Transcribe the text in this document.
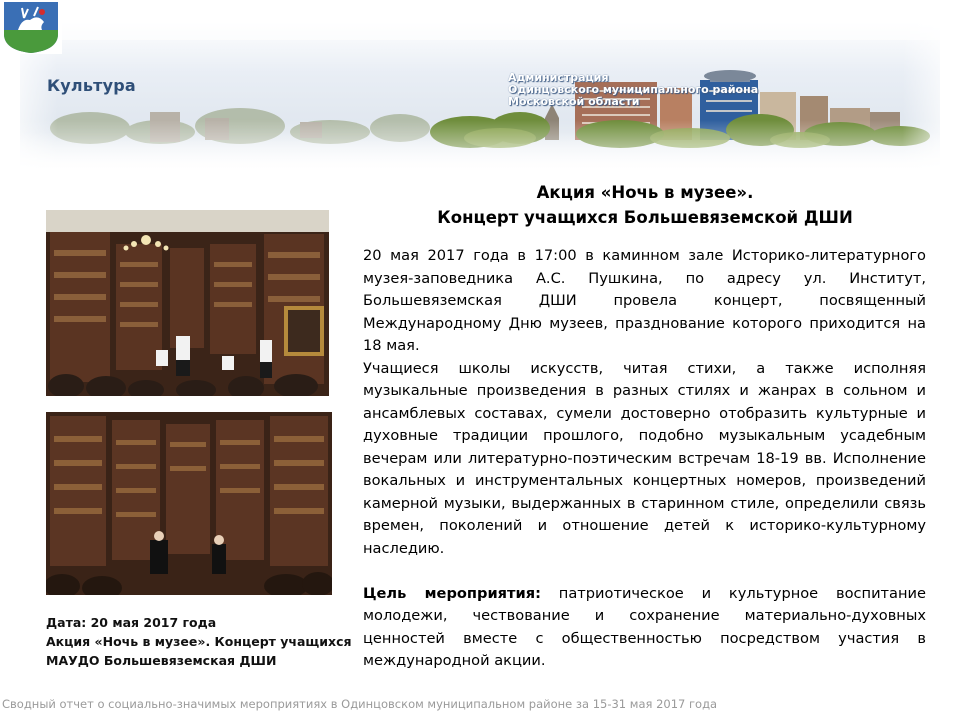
Культура	Администрация
Одинцовского муниципального района
Московской области
Дата: 20 мая 2017 года
Акция «Ночь в музее». Концерт учащихся
МАУДО Большевяземская ДШИ
Акция «Ночь в музее».
Концерт учащихся Большевяземской ДШИ

20 мая 2017 года в 17:00 в каминном зале Историко-литературного музея-заповедника А.С. Пушкина, по адресу ул. Институт, Большевяземская ДШИ провела концерт, посвященный Международному Дню музеев, празднование которого приходится на 18 мая.

Учащиеся школы искусств, читая стихи, а также исполняя музыкальные произведения в разных стилях и жанрах в сольном и ансамблевых составах, сумели достоверно отобразить культурные и духовные традиции прошлого, подобно музыкальным усадебным вечерам или литературно-поэтическим встречам 18-19 вв. Исполнение вокальных и инструментальных концертных номеров, произведений камерной музыки, выдержанных в старинном стиле, определили связь времен, поколений и отношение детей к историко-культурному наследию.

Цель мероприятия: патриотическое и культурное воспитание молодежи, чествование и сохранение материально-духовных ценностей вместе с общественностью посредством участия в международной акции.

Сводный отчет о социально-значимых мероприятиях в Одинцовском муниципальном районе за 15-31 мая 2017 года
